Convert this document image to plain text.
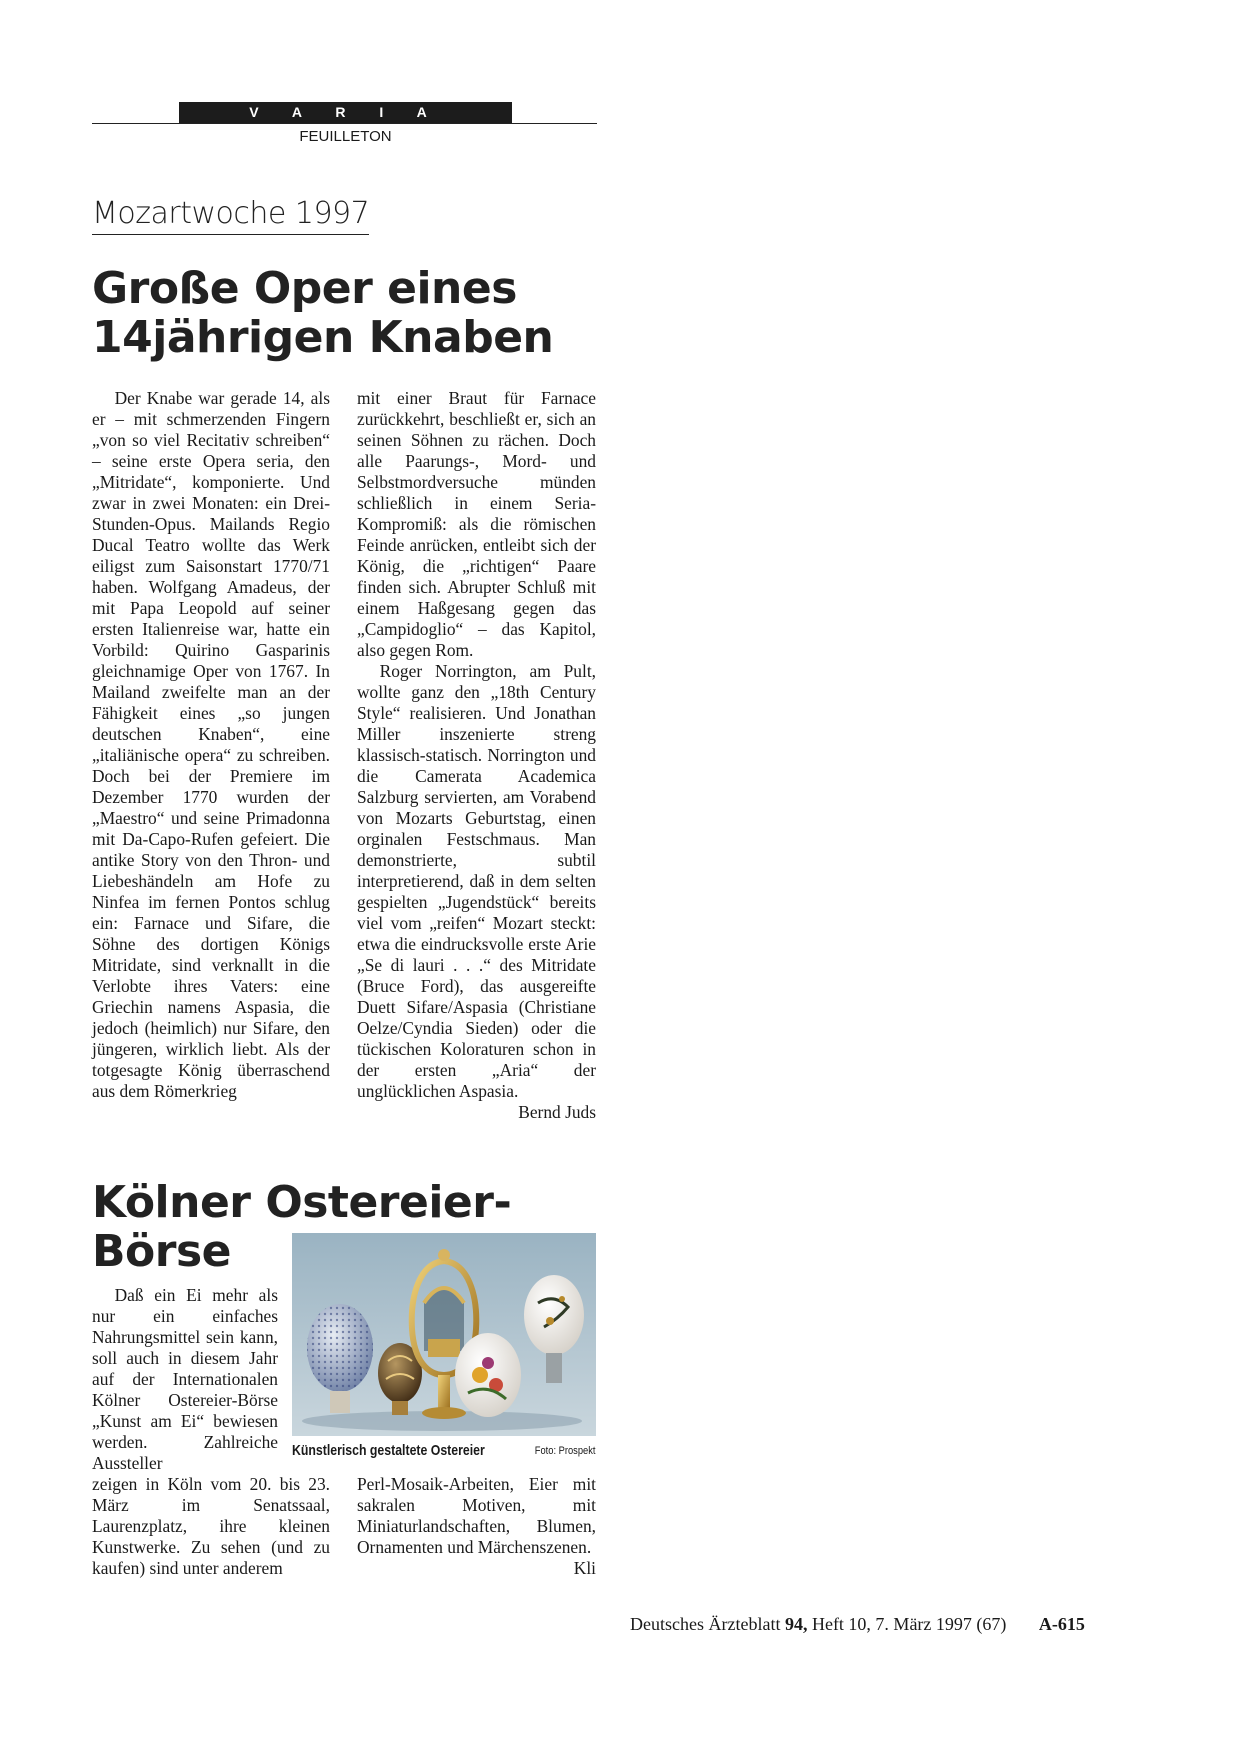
V A R I A
FEUILLETON
Mozartwoche 1997
Große Oper eines
14jährigen Knaben

Der Knabe war gerade 14, als er – mit schmerzenden Fingern „von so viel Recitativ schreiben“ – seine erste Opera seria, den „Mitridate“, komponierte. Und zwar in zwei Monaten: ein Drei-Stunden-Opus. Mailands Regio Ducal Teatro wollte das Werk eiligst zum Saisonstart 1770/71 haben. Wolfgang Amadeus, der mit Papa Leopold auf seiner ersten Italienreise war, hatte ein Vorbild: Quirino Gasparinis gleichnamige Oper von 1767. In Mailand zweifelte man an der Fähigkeit eines „so jungen deutschen Knaben“, eine „italiänische opera“ zu schreiben. Doch bei der Premiere im Dezember 1770 wurden der „Maestro“ und seine Primadonna mit Da-Capo-Rufen gefeiert. Die antike Story von den Thron- und Liebeshändeln am Hofe zu Ninfea im fernen Pontos schlug ein: Farnace und Sifare, die Söhne des dortigen Königs Mitridate, sind verknallt in die Verlobte ihres Vaters: eine Griechin namens Aspasia, die jedoch (heimlich) nur Sifare, den jüngeren, wirklich liebt. Als der totgesagte König überraschend aus dem Römerkrieg

mit einer Braut für Farnace zurückkehrt, beschließt er, sich an seinen Söhnen zu rächen. Doch alle Paarungs-, Mord- und Selbstmordversuche münden schließlich in einem Seria-Kompromiß: als die römischen Feinde anrücken, entleibt sich der König, die „richtigen“ Paare finden sich. Abrupter Schluß mit einem Haßgesang gegen das „Campidoglio“ – das Kapitol, also gegen Rom.

Roger Norrington, am Pult, wollte ganz den „18th Century Style“ realisieren. Und Jonathan Miller inszenierte streng klassisch-statisch. Norrington und die Camerata Academica Salzburg servierten, am Vorabend von Mozarts Geburtstag, einen orginalen Festschmaus. Man demonstrierte, subtil interpretierend, daß in dem selten gespielten „Jugendstück“ bereits viel vom „reifen“ Mozart steckt: etwa die eindrucksvolle erste Arie „Se di lauri . . .“ des Mitridate (Bruce Ford), das ausgereifte Duett Sifare/Aspasia (Christiane Oelze/Cyndia Sieden) oder die tückischen Koloraturen schon in der ersten „Aria“ der unglücklichen Aspasia.
Bernd Juds

Kölner Ostereier-
Börse

Daß ein Ei mehr als nur ein einfaches Nahrungsmittel sein kann, soll auch in diesem Jahr auf der Internationalen Kölner Ostereier-Börse „Kunst am Ei“ bewiesen werden. Zahlreiche Aussteller

zeigen in Köln vom 20. bis 23. März im Senatssaal, Laurenzplatz, ihre kleinen Kunstwerke. Zu sehen (und zu kaufen) sind unter anderem

Perl-Mosaik-Arbeiten, Eier mit sakralen Motiven, mit Miniaturlandschaften, Blumen, Ornamenten und Märchenszenen.
Kli

Künstlerisch gestaltete Ostereier	Foto: Prospekt
Deutsches Ärzteblatt 94, Heft 10, 7. März 1997 (67) A-615
